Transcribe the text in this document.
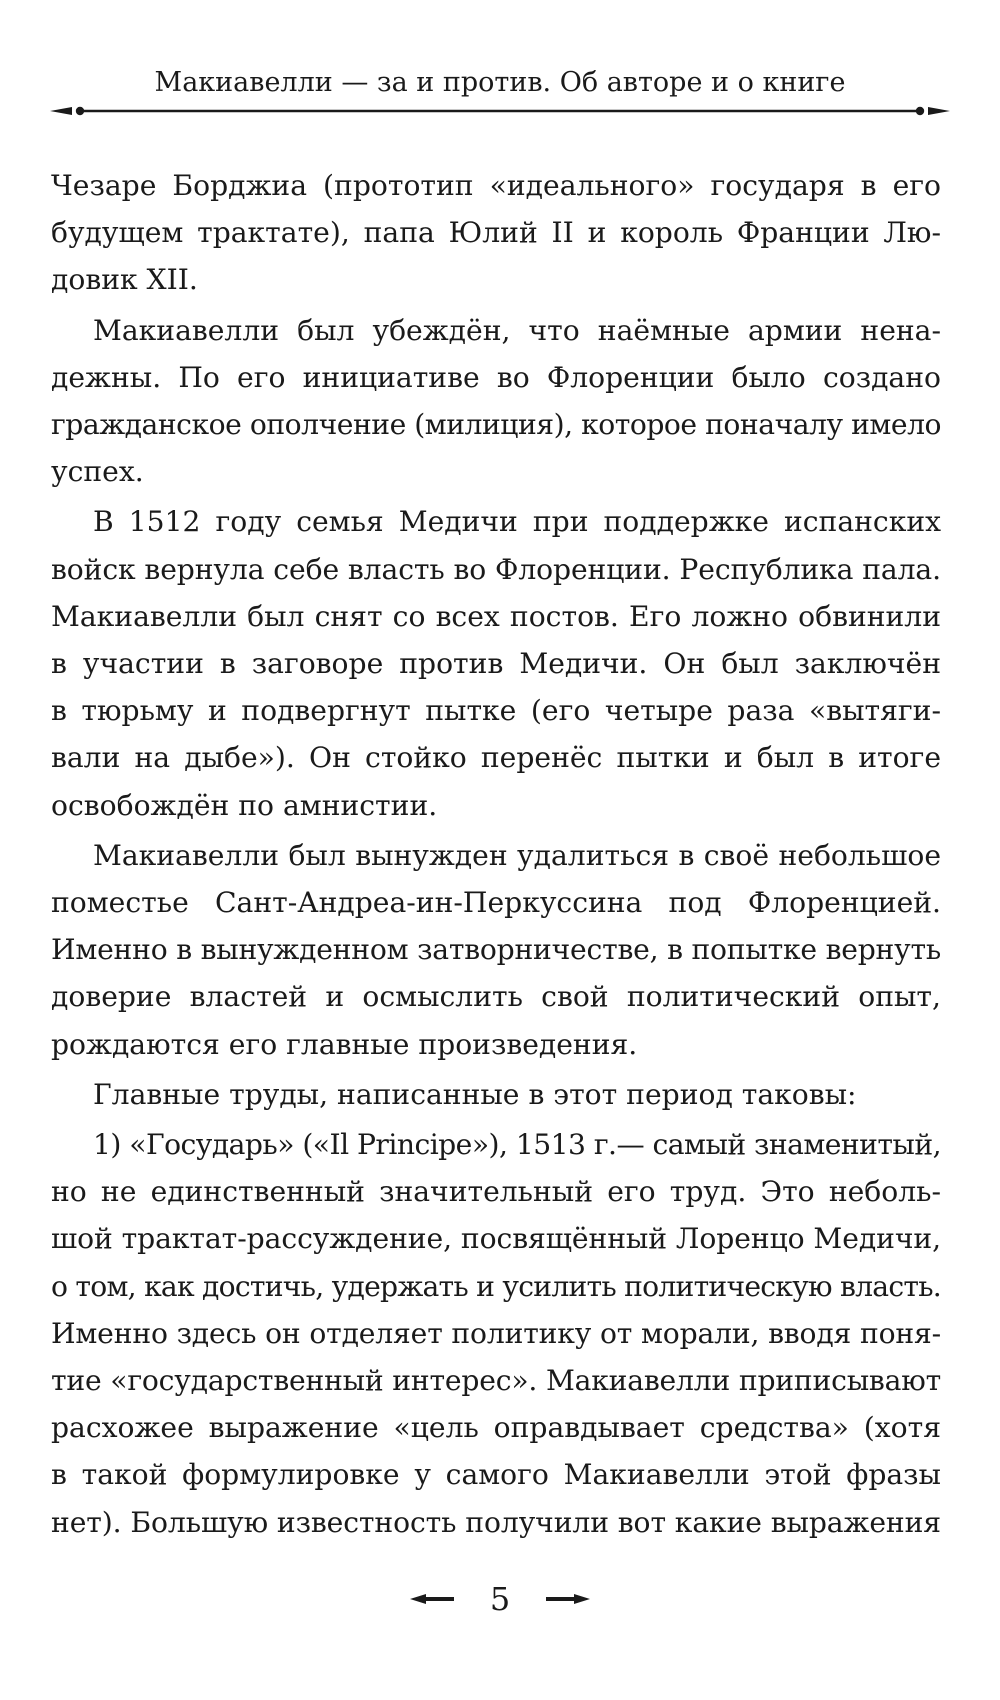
Макиавелли — за и против. Об авторе и о книге
Чезаре Борджиа (прототип «идеального» государя в его
будущем трактате), папа Юлий II и король Франции Лю-
довик XII.
Макиавелли был убеждён, что наёмные армии нена-
дежны. По его инициативе во Флоренции было создано
гражданское ополчение (милиция), которое поначалу имело
успех.
В 1512 году семья Медичи при поддержке испанских
войск вернула себе власть во Флоренции. Республика пала.
Макиавелли был снят со всех постов. Его ложно обвинили
в участии в заговоре против Медичи. Он был заключён
в тюрьму и подвергнут пытке (его четыре раза «вытяги-
вали на дыбе»). Он стойко перенёс пытки и был в итоге
освобождён по амнистии.
Макиавелли был вынужден удалиться в своё небольшое
поместье Сант-Андреа-ин-Перкуссина под Флоренцией.
Именно в вынужденном затворничестве, в попытке вернуть
доверие властей и осмыслить свой политический опыт,
рождаются его главные произведения.
Главные труды, написанные в этот период таковы:
1) «Государь» («Il Principe»), 1513 г.— самый знаменитый,
но не единственный значительный его труд. Это неболь-
шой трактат-рассуждение, посвящённый Лоренцо Медичи,
о том, как достичь, удержать и усилить политическую власть.
Именно здесь он отделяет политику от морали, вводя поня-
тие «государственный интерес». Макиавелли приписывают
расхожее выражение «цель оправдывает средства» (хотя
в такой формулировке у самого Макиавелли этой фразы
нет). Большую известность получили вот какие выражения
5
